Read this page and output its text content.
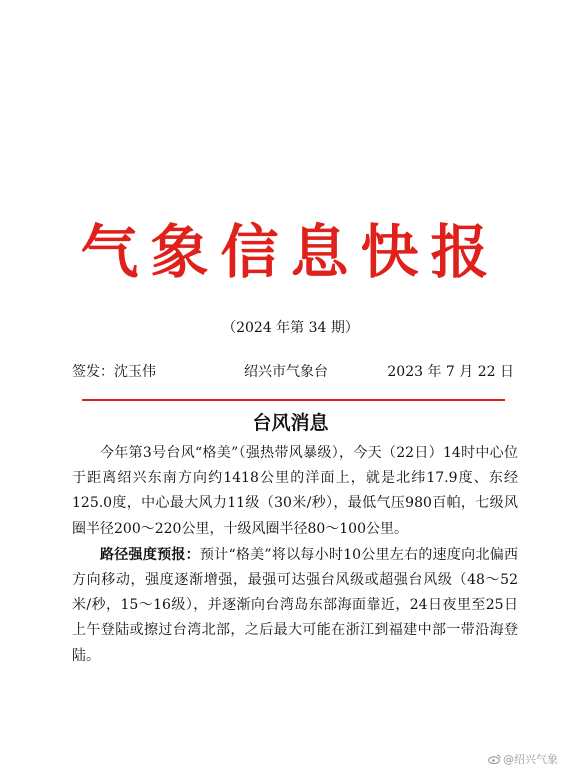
气象信息快报
（2024 年第 34 期）
签发：沈玉伟	绍兴市气象台	2023 年 7 月 22 日
台风消息

今年第3号台风“格美”（强热带风暴级），今天（22日）14时中心位于距离绍兴东南方向约1418公里的洋面上，就是北纬17.9度、东经125.0度，中心最大风力11级（30米/秒），最低气压980百帕，七级风圈半径200～220公里，十级风圈半径80～100公里。

路径强度预报：预计“格美”将以每小时10公里左右的速度向北偏西方向移动，强度逐渐增强，最强可达强台风级或超强台风级（48～52米/秒，15～16级），并逐渐向台湾岛东部海面靠近，24日夜里至25日上午登陆或擦过台湾北部，之后最大可能在浙江到福建中部一带沿海登陆。

@绍兴气象
